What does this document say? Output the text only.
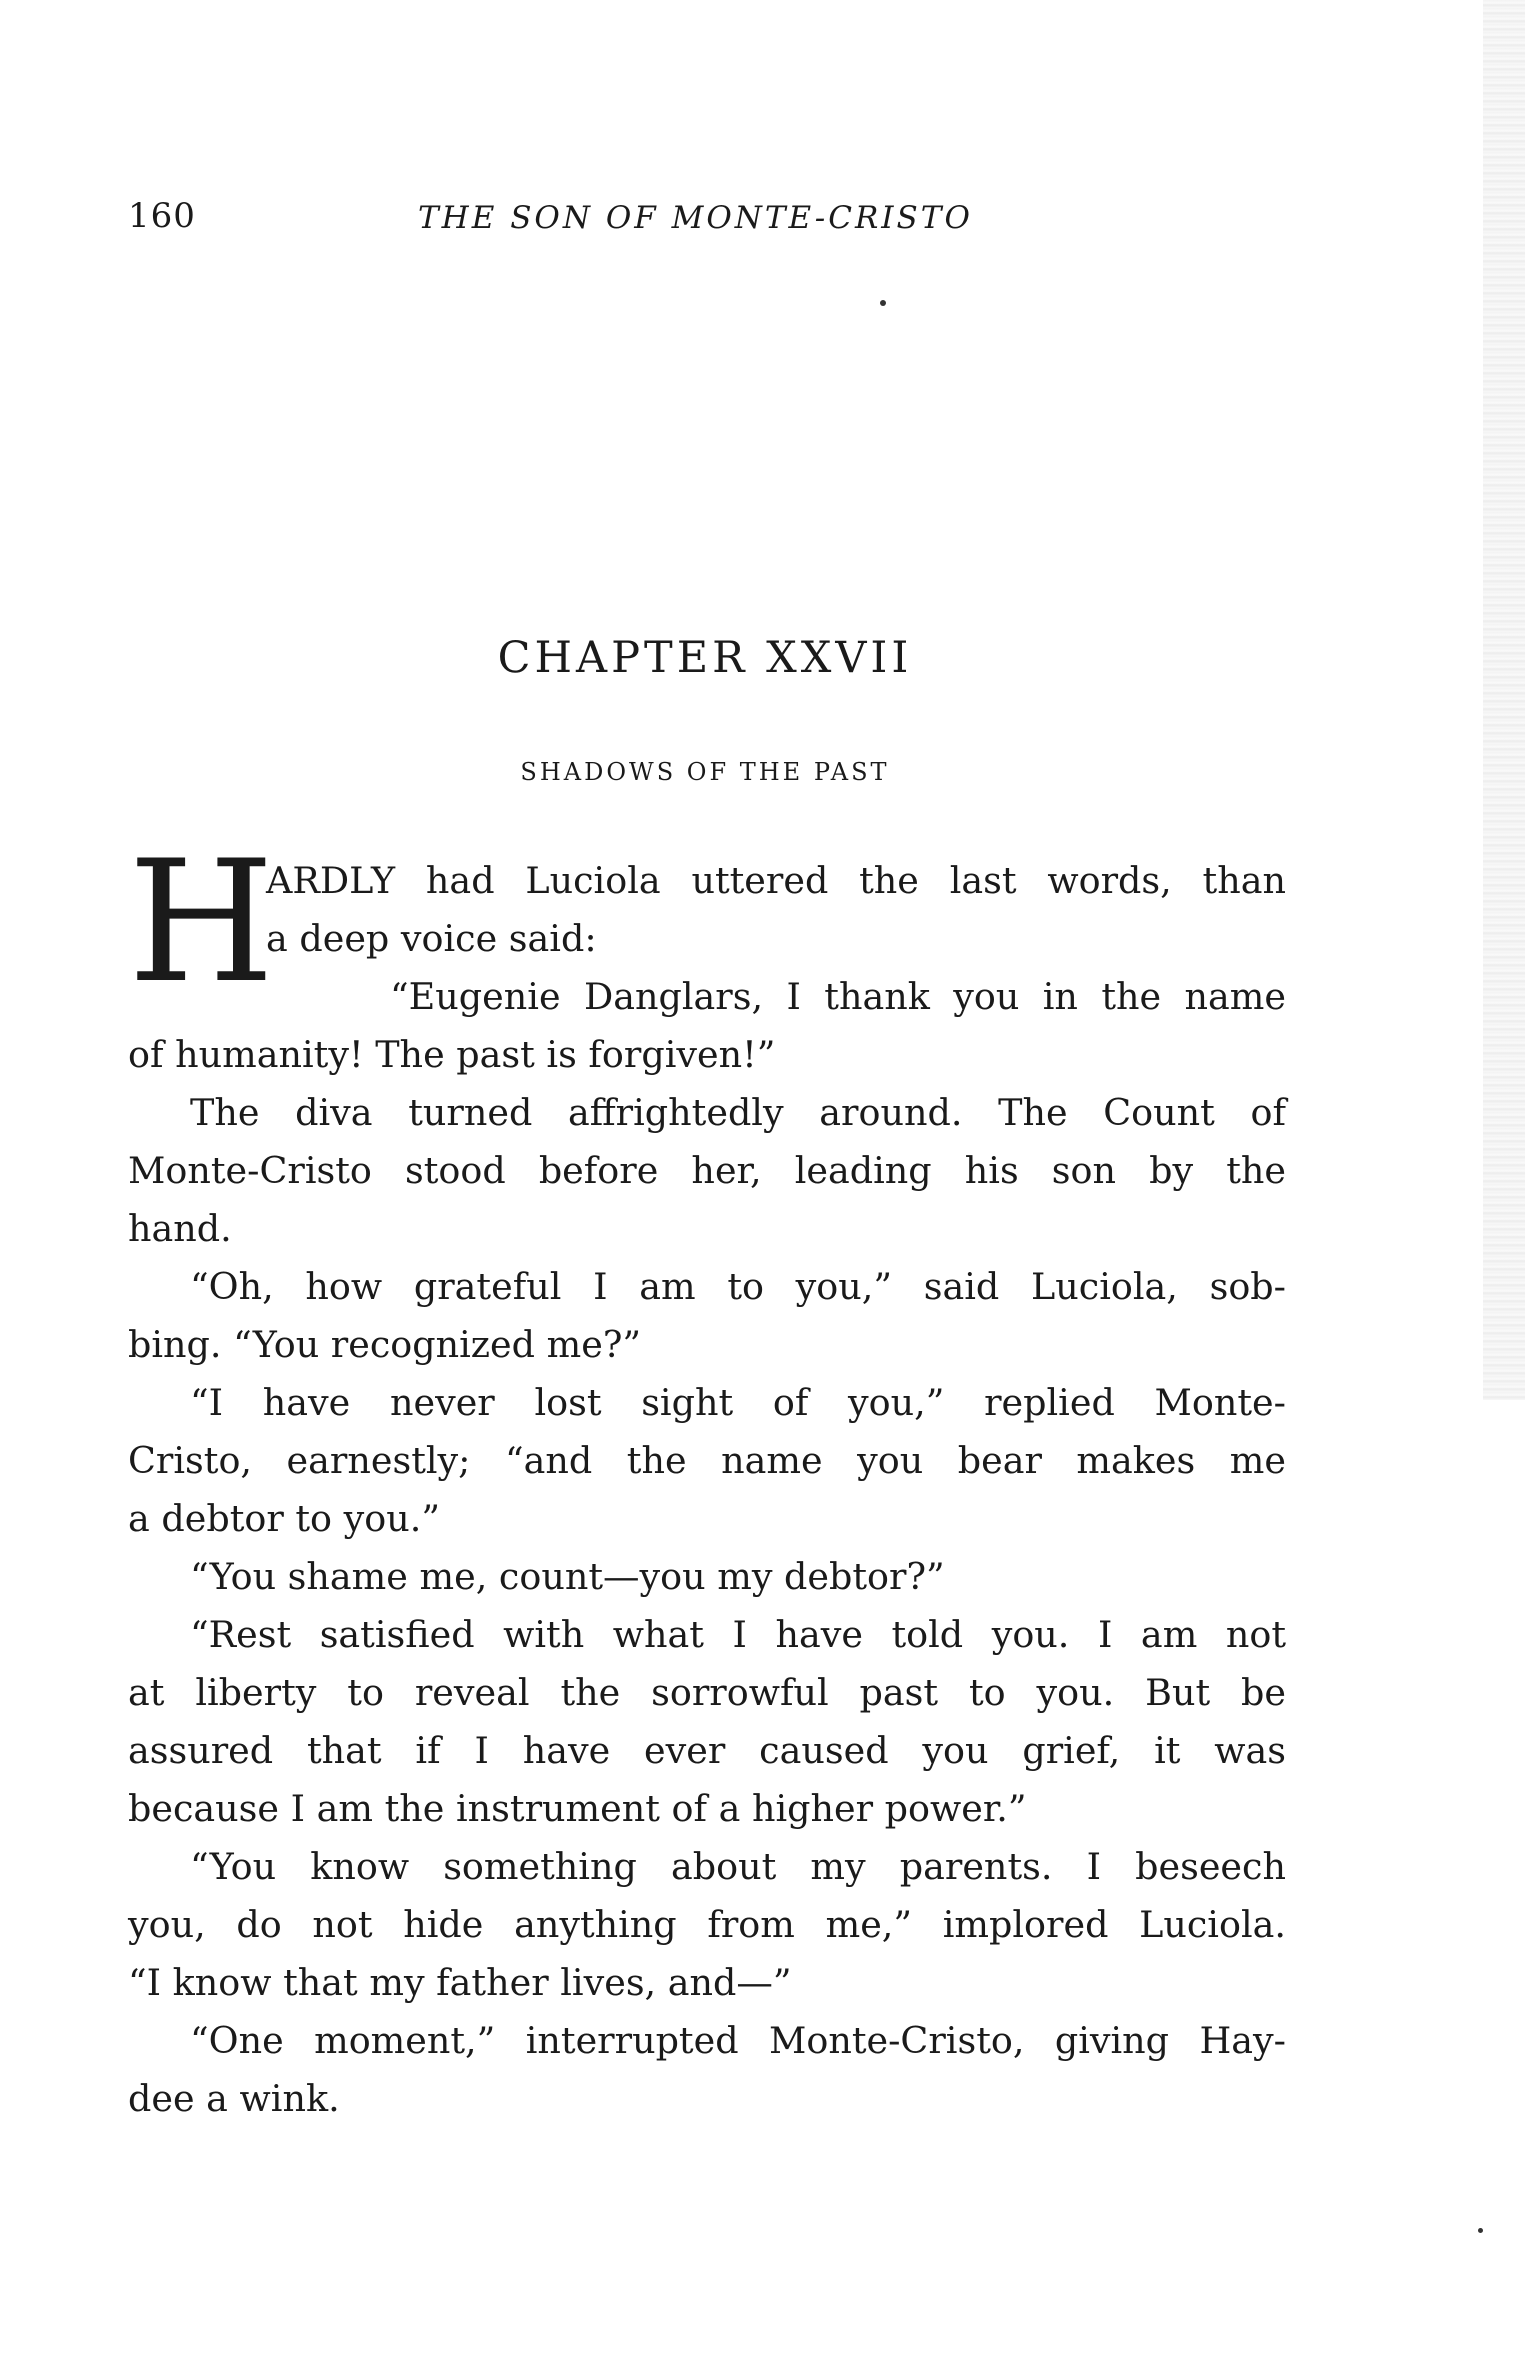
160	THE SON OF MONTE-CRISTO
CHAPTER XXVII
SHADOWS OF THE PAST
H
ARDLY had Luciola uttered the last words, than
a deep voice said:
“Eugenie Danglars, I thank you in the name
of humanity! The past is forgiven!”
The diva turned affrightedly around. The Count of
Monte-Cristo stood before her, leading his son by the
hand.
“Oh, how grateful I am to you,” said Luciola, sob-
bing. “You recognized me?”
“I have never lost sight of you,” replied Monte-
Cristo, earnestly; “and the name you bear makes me
a debtor to you.”
“You shame me, count—you my debtor?”
“Rest satisfied with what I have told you. I am not
at liberty to reveal the sorrowful past to you. But be
assured that if I have ever caused you grief, it was
because I am the instrument of a higher power.”
“You know something about my parents. I beseech
you, do not hide anything from me,” implored Luciola.
“I know that my father lives, and—”
“One moment,” interrupted Monte-Cristo, giving Hay-
dee a wink.
